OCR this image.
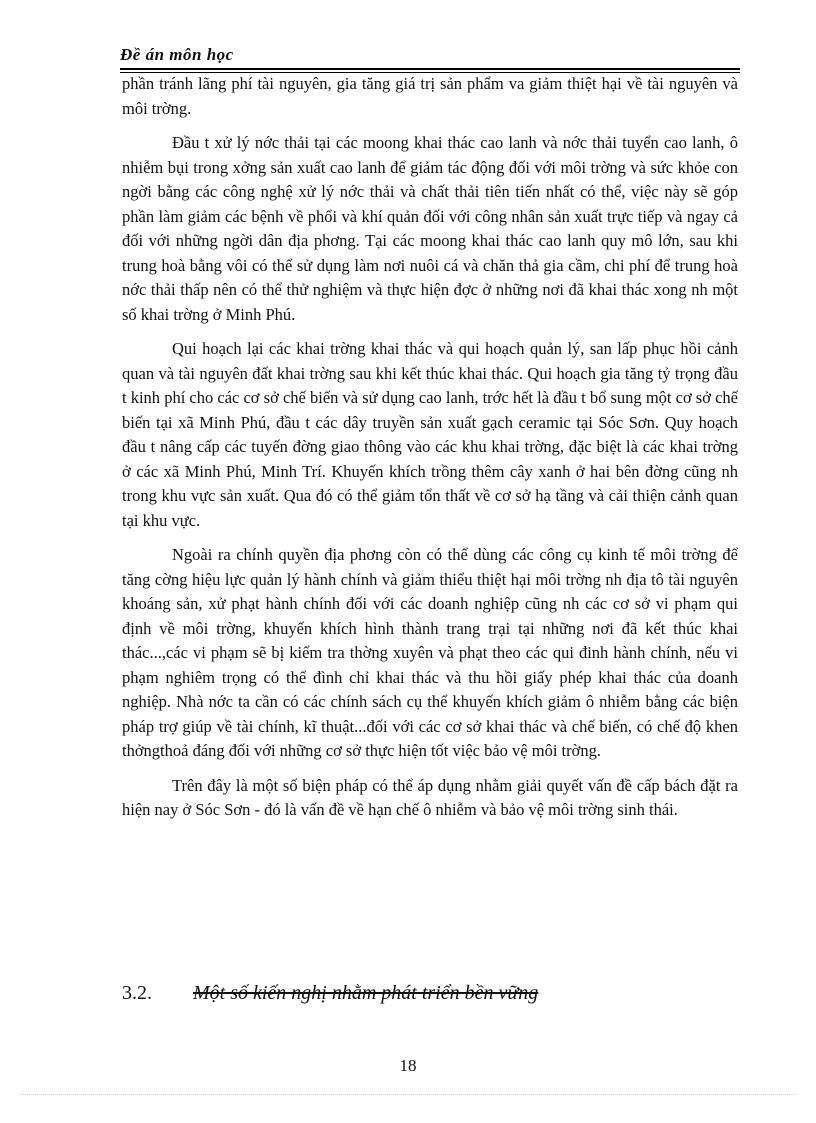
Đề án môn học

phần tránh lãng phí tài nguyên, gia tăng giá trị sản phẩm va giảm thiệt hại về tài nguyên và môi trờng.

Đầu t xử lý nớc thải tại các moong khai thác cao lanh và nớc thải tuyển cao lanh, ô nhiễm bụi trong xởng sản xuất cao lanh để giảm tác động đối với môi trờng và sức khỏe con ngời bằng các công nghệ xử lý nớc thải và chất thải tiên tiến nhất có thể, việc này sẽ góp phần làm giảm các bệnh về phổi và khí quản đối với công nhân sản xuất trực tiếp và ngay cả đối với những ngời dân địa phơng. Tại các moong khai thác cao lanh quy mô lớn, sau khi trung hoà bằng vôi có thể sử dụng làm nơi nuôi cá và chăn thả gia cầm, chi phí để trung hoà nớc thải thấp nên có thể thử nghiệm và thực hiện đợc ở những nơi đã khai thác xong nh một số khai trờng ở Minh Phú.

Qui hoạch lại các khai trờng khai thác và qui hoạch quản lý, san lấp phục hồi cảnh quan và tài nguyên đất khai trờng sau khi kết thúc khai thác. Qui hoạch gia tăng tỷ trọng đầu t kinh phí cho các cơ sở chế biến và sử dụng cao lanh, trớc hết là đầu t bổ sung một cơ sở chế biến tại xã Minh Phú, đầu t các dây truyền sản xuất gạch ceramic tại Sóc Sơn. Quy hoạch đầu t nâng cấp các tuyến đờng giao thông vào các khu khai trờng, đặc biệt là các khai trờng ở các xã Minh Phú, Minh Trí. Khuyến khích trồng thêm cây xanh ở hai bên đờng cũng nh trong khu vực sản xuất. Qua đó có thể giảm tổn thất về cơ sở hạ tầng và cải thiện cảnh quan tại khu vực.

Ngoài ra chính quyền địa phơng còn có thể dùng các công cụ kinh tế môi trờng để tăng cờng hiệu lực quản lý hành chính và giảm thiểu thiệt hại môi trờng nh địa tô tài nguyên khoáng sản, xử phạt hành chính đối với các doanh nghiệp cũng nh các cơ sở vi phạm qui định về môi trờng, khuyến khích hình thành trang trại tại những nơi đã kết thúc khai thác...,các vi phạm sẽ bị kiểm tra thờng xuyên và phạt theo các qui đinh hành chính, nếu vi phạm nghiêm trọng có thể đình chỉ khai thác và thu hồi giấy phép khai thác của doanh nghiệp. Nhà nớc ta cần có các chính sách cụ thể khuyến khích giảm ô nhiễm bằng các biện pháp trợ giúp về tài chính, kĩ thuật...đối với các cơ sở khai thác và chế biến, có chế độ khen thởngthoả đáng đối với những cơ sở thực hiện tốt việc bảo vệ môi trờng.

Trên đây là một số biện pháp có thể áp dụng nhằm giải quyết vấn đề cấp bách đặt ra hiện nay ở Sóc Sơn - đó là vấn đề về hạn chế ô nhiễm và bảo vệ môi trờng sinh thái.

3.2. Một số kiến nghị nhằm phát triển bền vững
18
